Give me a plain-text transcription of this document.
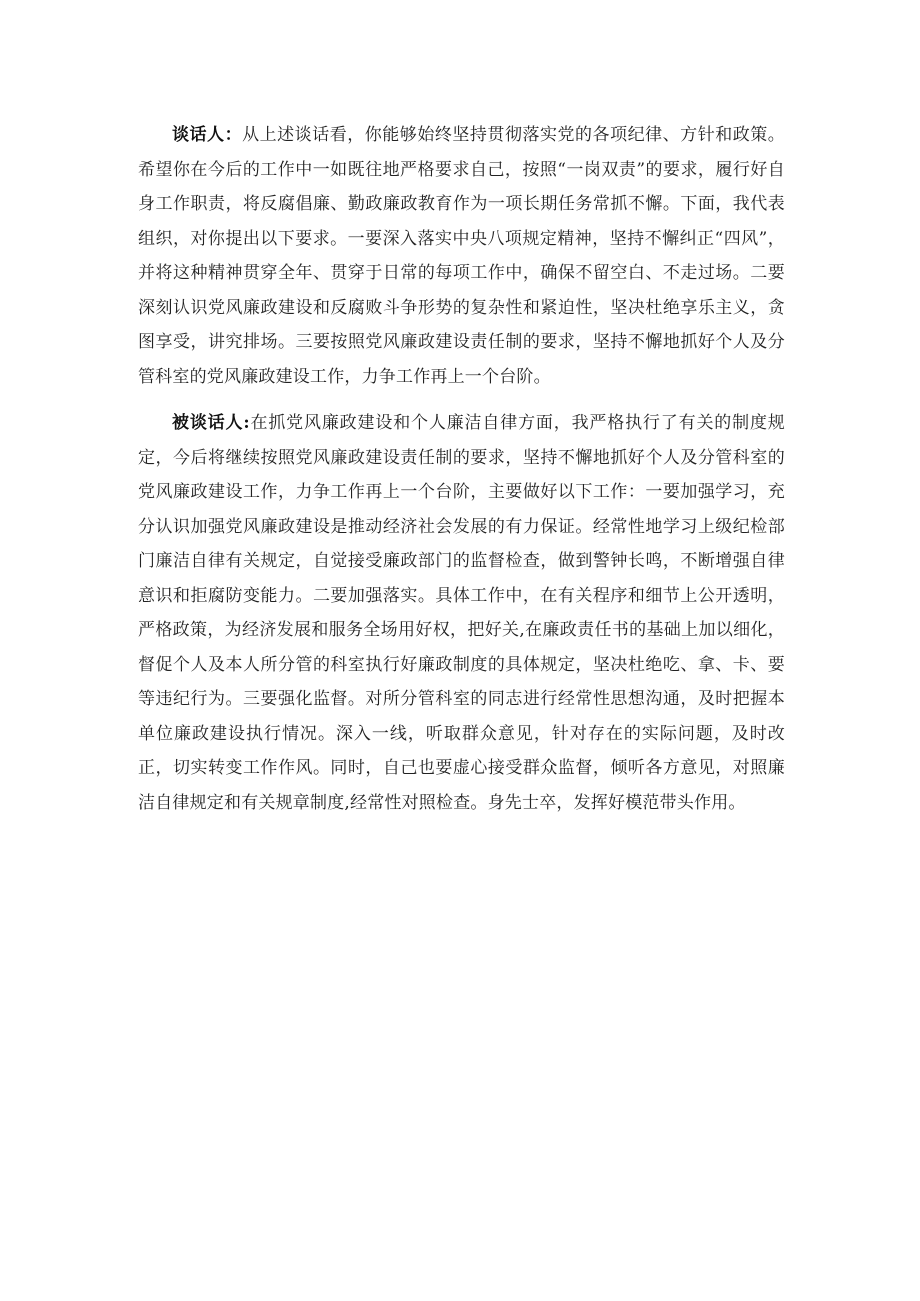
谈话人：从上述谈话看，你能够始终坚持贯彻落实党的各项纪律、方针和政策。希望你在今后的工作中一如既往地严格要求自己，按照“一岗双责”的要求，履行好自身工作职责，将反腐倡廉、勤政廉政教育作为一项长期任务常抓不懈。下面，我代表组织，对你提出以下要求。一要深入落实中央八项规定精神，坚持不懈纠正“四风”，并将这种精神贯穿全年、贯穿于日常的每项工作中，确保不留空白、不走过场。二要深刻认识党风廉政建设和反腐败斗争形势的复杂性和紧迫性，坚决杜绝享乐主义，贪图享受，讲究排场。三要按照党风廉政建设责任制的要求，坚持不懈地抓好个人及分管科室的党风廉政建设工作，力争工作再上一个台阶。

被谈话人:在抓党风廉政建设和个人廉洁自律方面，我严格执行了有关的制度规定，今后将继续按照党风廉政建设责任制的要求，坚持不懈地抓好个人及分管科室的党风廉政建设工作，力争工作再上一个台阶，主要做好以下工作：一要加强学习，充分认识加强党风廉政建设是推动经济社会发展的有力保证。经常性地学习上级纪检部门廉洁自律有关规定，自觉接受廉政部门的监督检查，做到警钟长鸣，不断增强自律意识和拒腐防变能力。二要加强落实。具体工作中，在有关程序和细节上公开透明，严格政策，为经济发展和服务全场用好权，把好关,在廉政责任书的基础上加以细化，督促个人及本人所分管的科室执行好廉政制度的具体规定，坚决杜绝吃、拿、卡、要等违纪行为。三要强化监督。对所分管科室的同志进行经常性思想沟通，及时把握本单位廉政建设执行情况。深入一线，听取群众意见，针对存在的实际问题，及时改正，切实转变工作作风。同时，自己也要虚心接受群众监督，倾听各方意见，对照廉洁自律规定和有关规章制度,经常性对照检查。身先士卒，发挥好模范带头作用。
